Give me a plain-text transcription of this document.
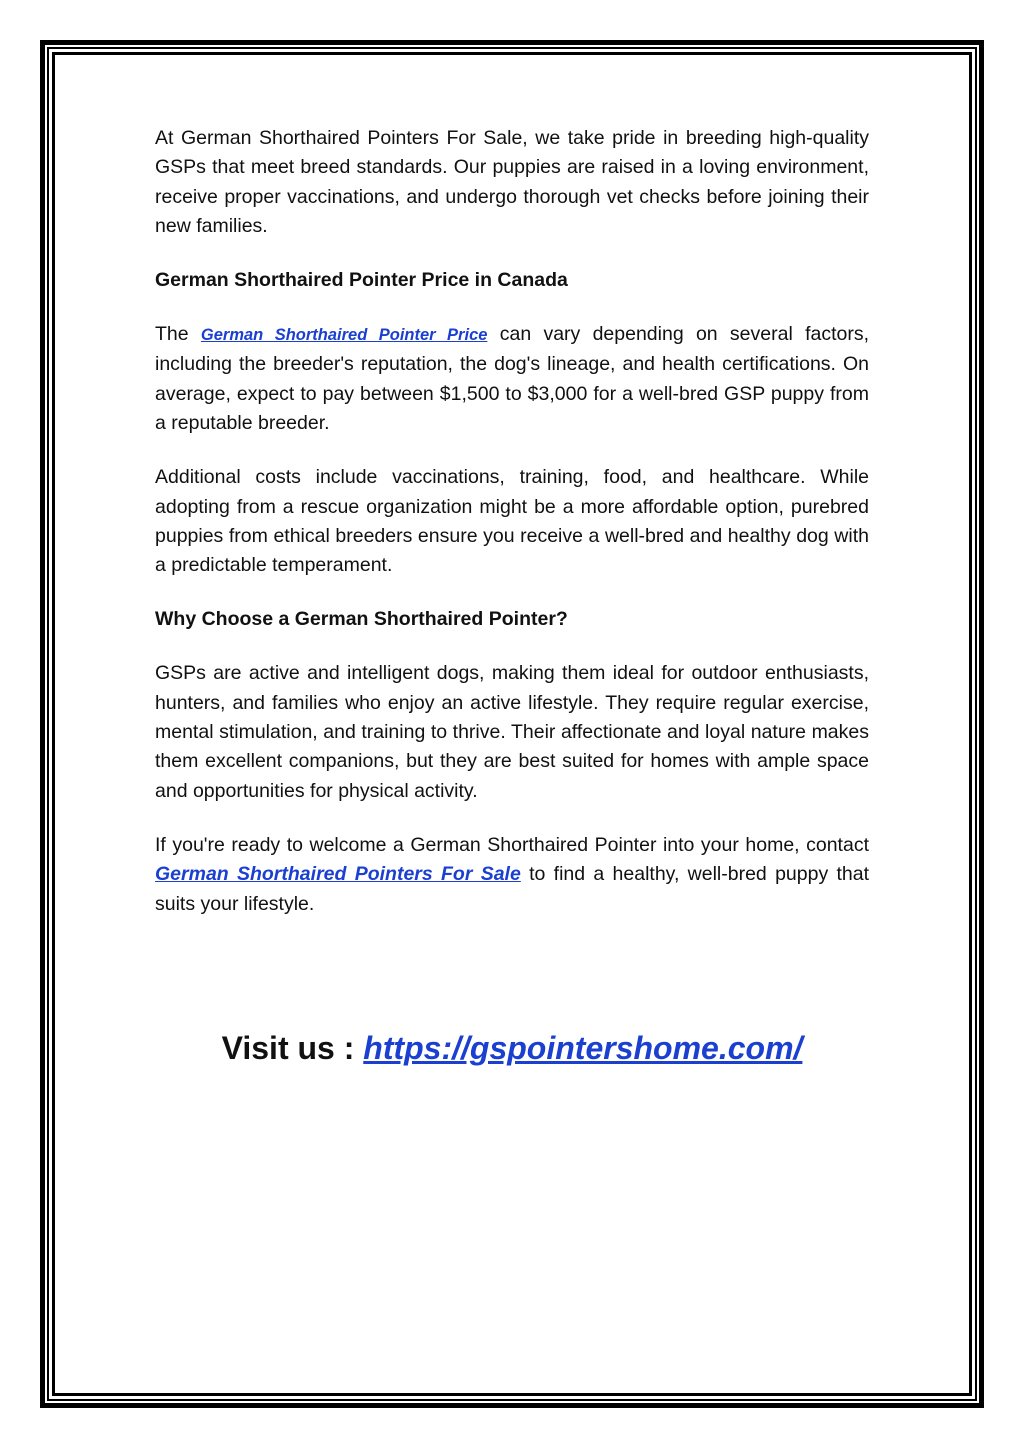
At German Shorthaired Pointers For Sale, we take pride in breeding high-quality GSPs that meet breed standards. Our puppies are raised in a loving environment, receive proper vaccinations, and undergo thorough vet checks before joining their new families.

German Shorthaired Pointer Price in Canada

The German Shorthaired Pointer Price can vary depending on several factors, including the breeder's reputation, the dog's lineage, and health certifications. On average, expect to pay between $1,500 to $3,000 for a well-bred GSP puppy from a reputable breeder.

Additional costs include vaccinations, training, food, and healthcare. While adopting from a rescue organization might be a more affordable option, purebred puppies from ethical breeders ensure you receive a well-bred and healthy dog with a predictable temperament.

Why Choose a German Shorthaired Pointer?

GSPs are active and intelligent dogs, making them ideal for outdoor enthusiasts, hunters, and families who enjoy an active lifestyle. They require regular exercise, mental stimulation, and training to thrive. Their affectionate and loyal nature makes them excellent companions, but they are best suited for homes with ample space and opportunities for physical activity.

If you're ready to welcome a German Shorthaired Pointer into your home, contact German Shorthaired Pointers For Sale to find a healthy, well-bred puppy that suits your lifestyle.

Visit us : https://gspointershome.com/
